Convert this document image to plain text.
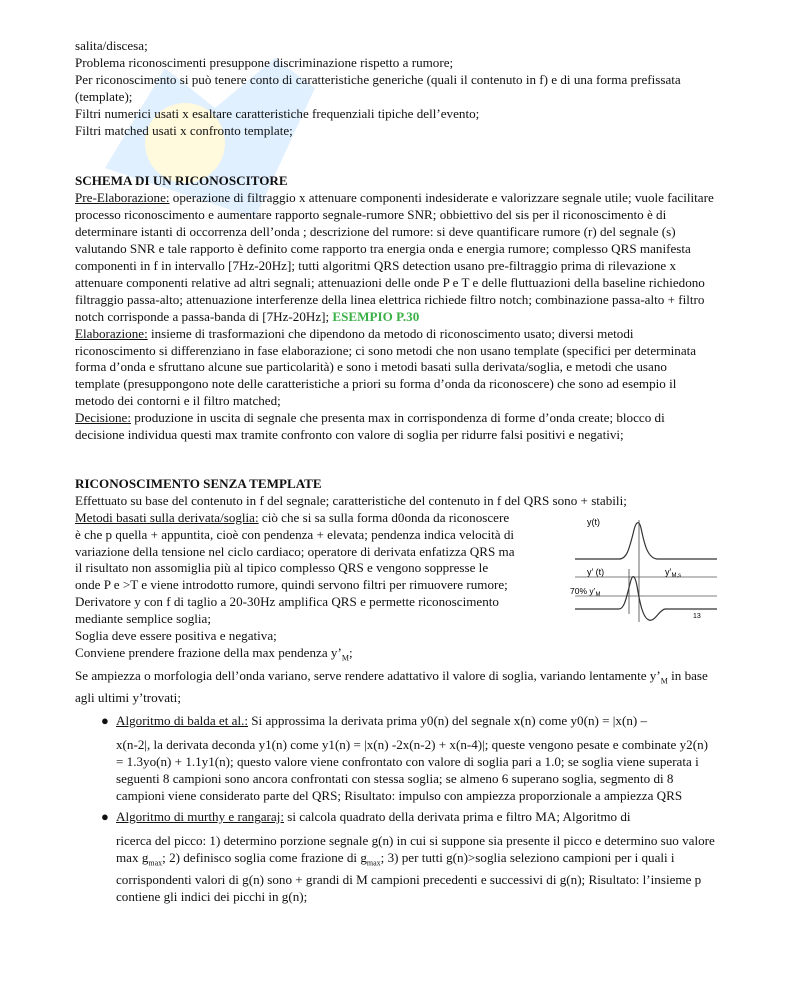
salita/discesa;
Problema riconoscimenti presuppone discriminazione rispetto a rumore;
Per riconoscimento si può tenere conto di caratteristiche generiche (quali il contenuto in f) e di una forma prefissata (template);
Filtri numerici usati x esaltare caratteristiche frequenziali tipiche dell’evento;
Filtri matched usati x confronto template;
SCHEMA DI UN RICONOSCITORE
Pre-Elaborazione: operazione di filtraggio x attenuare componenti indesiderate e valorizzare segnale utile; vuole facilitare processo riconoscimento e aumentare rapporto segnale-rumore SNR; obbiettivo del sis per il riconoscimento è di determinare istanti di occorrenza dell’onda ; descrizione del rumore: si deve quantificare rumore (r) del segnale (s) valutando SNR e tale rapporto è definito come rapporto tra energia onda e energia rumore; complesso QRS manifesta componenti in f in intervallo [7Hz-20Hz]; tutti algoritmi QRS detection usano pre-filtraggio prima di rilevazione x attenuare componenti relative ad altri segnali; attenuazioni delle onde P e T e delle fluttuazioni della baseline richiedono filtraggio passa-alto; attenuazione interferenze della linea elettrica richiede filtro notch; combinazione passa-alto + filtro notch corrisponde a passa-banda di [7Hz-20Hz]; ESEMPIO P.30
Elaborazione: insieme di trasformazioni che dipendono da metodo di riconoscimento usato; diversi metodi riconoscimento si differenziano in fase elaborazione; ci sono metodi che non usano template (specifici per determinata forma d’onda e sfruttano alcune sue particolarità) e sono i metodi basati sulla derivata/soglia, e metodi che usano template (presuppongono note delle caratteristiche a priori su forma d’onda da riconoscere) che sono ad esempio il metodo dei contorni e il filtro matched;
Decisione: produzione in uscita di segnale che presenta max in corrispondenza di forme d’onda create; blocco di decisione individua questi max tramite confronto con valore di soglia per ridurre falsi positivi e negativi;
RICONOSCIMENTO SENZA TEMPLATE
Effettuato su base del contenuto in f del segnale; caratteristiche del contenuto in f del QRS sono + stabili;
Metodi basati sulla derivata/soglia: ciò che si sa sulla forma d0onda da riconoscere
è che p quella + appuntita, cioè con pendenza + elevata; pendenza indica velocità di
variazione della tensione nel ciclo cardiaco; operatore di derivata enfatizza QRS ma
il risultato non assomiglia più al tipico complesso QRS e vengono soppresse le
onde P e >T e viene introdotto rumore, quindi servono filtri per rimuovere rumore;
Derivatore y con f di taglio a 20-30Hz amplifica QRS e permette riconoscimento
mediante semplice soglia;
y(t)
y’ (t)	$y’_{M,s}$
70% $y’_M$
13
Soglia deve essere positiva e negativa;
Conviene prendere frazione della max pendenza $y’_M$;
Se ampiezza o morfologia dell’onda variano, serve rendere adattativo il valore di soglia, variando lentamente $y’_M$ in base agli ultimi y’trovati;
● Algoritmo di balda et al.: Si approssima la derivata prima y0(n) del segnale x(n) come y0(n) = |x(n) –
x(n-2|, la derivata deconda y1(n) come y1(n) = |x(n) -2x(n-2) + x(n-4)|; queste vengono pesate e combinate y2(n) = 1.3yo(n) + 1.1y1(n); questo valore viene confrontato con valore di soglia pari a 1.0; se soglia viene superata i seguenti 8 campioni sono ancora confrontati con stessa soglia; se almeno 6 superano soglia, segmento di 8 campioni viene considerato parte del QRS; Risultato: impulso con ampiezza proporzionale a ampiezza QRS
● Algoritmo di murthy e rangaraj: si calcola quadrato della derivata prima e filtro MA; Algoritmo di
ricerca del picco: 1) determino porzione segnale g(n) in cui si suppone sia presente il picco e determino suo valore $\max g_{max}$; 2) definisco soglia come frazione di $g_{max}$; 3) per tutti g(n)>soglia seleziono campioni per i quali i corrispondenti valori di g(n) sono + grandi di M campioni precedenti e successivi di g(n); Risultato: l’insieme p contiene gli indici dei picchi in g(n);
